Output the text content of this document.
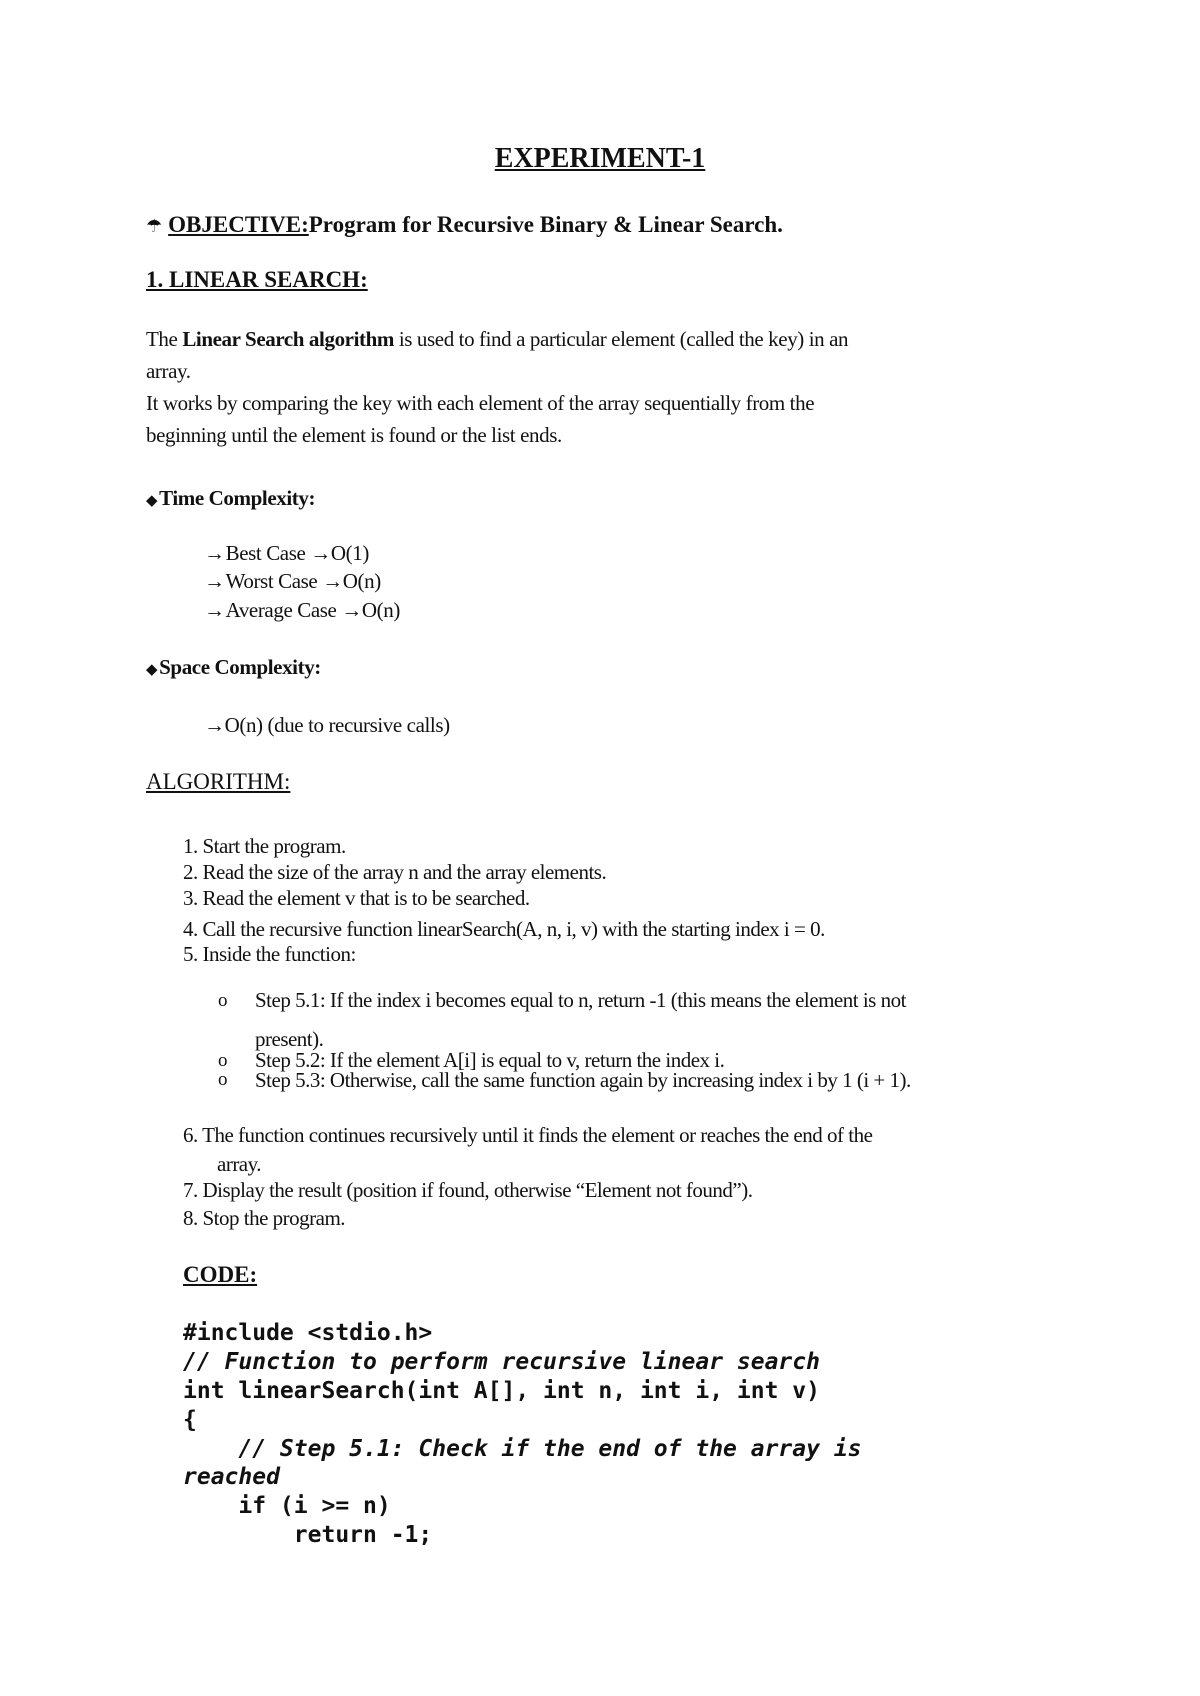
EXPERIMENT-1
☂ OBJECTIVE:Program for Recursive Binary & Linear Search.
1. LINEAR SEARCH:
The Linear Search algorithm is used to find a particular element (called the key) in an
array.
It works by comparing the key with each element of the array sequentially from the
beginning until the element is found or the list ends.
◆Time Complexity:
→Best Case →O(1)
→Worst Case →O(n)
→Average Case →O(n)
◆Space Complexity:
→O(n) (due to recursive calls)
ALGORITHM:
1. Start the program.
2. Read the size of the array n and the array elements.
3. Read the element v that is to be searched.
4. Call the recursive function linearSearch(A, n, i, v) with the starting index i = 0.
5. Inside the function:
o Step 5.1: If the index i becomes equal to n, return -1 (this means the element is not
present).
o Step 5.2: If the element A[i] is equal to v, return the index i.
o Step 5.3: Otherwise, call the same function again by increasing index i by 1 (i + 1).
6. The function continues recursively until it finds the element or reaches the end of the
array.
7. Display the result (position if found, otherwise “Element not found”).
8. Stop the program.
CODE:
#include <stdio.h>
// Function to perform recursive linear search
int linearSearch(int A[], int n, int i, int v)
{
// Step 5.1: Check if the end of the array is
reached
if (i >= n)
return -1;
